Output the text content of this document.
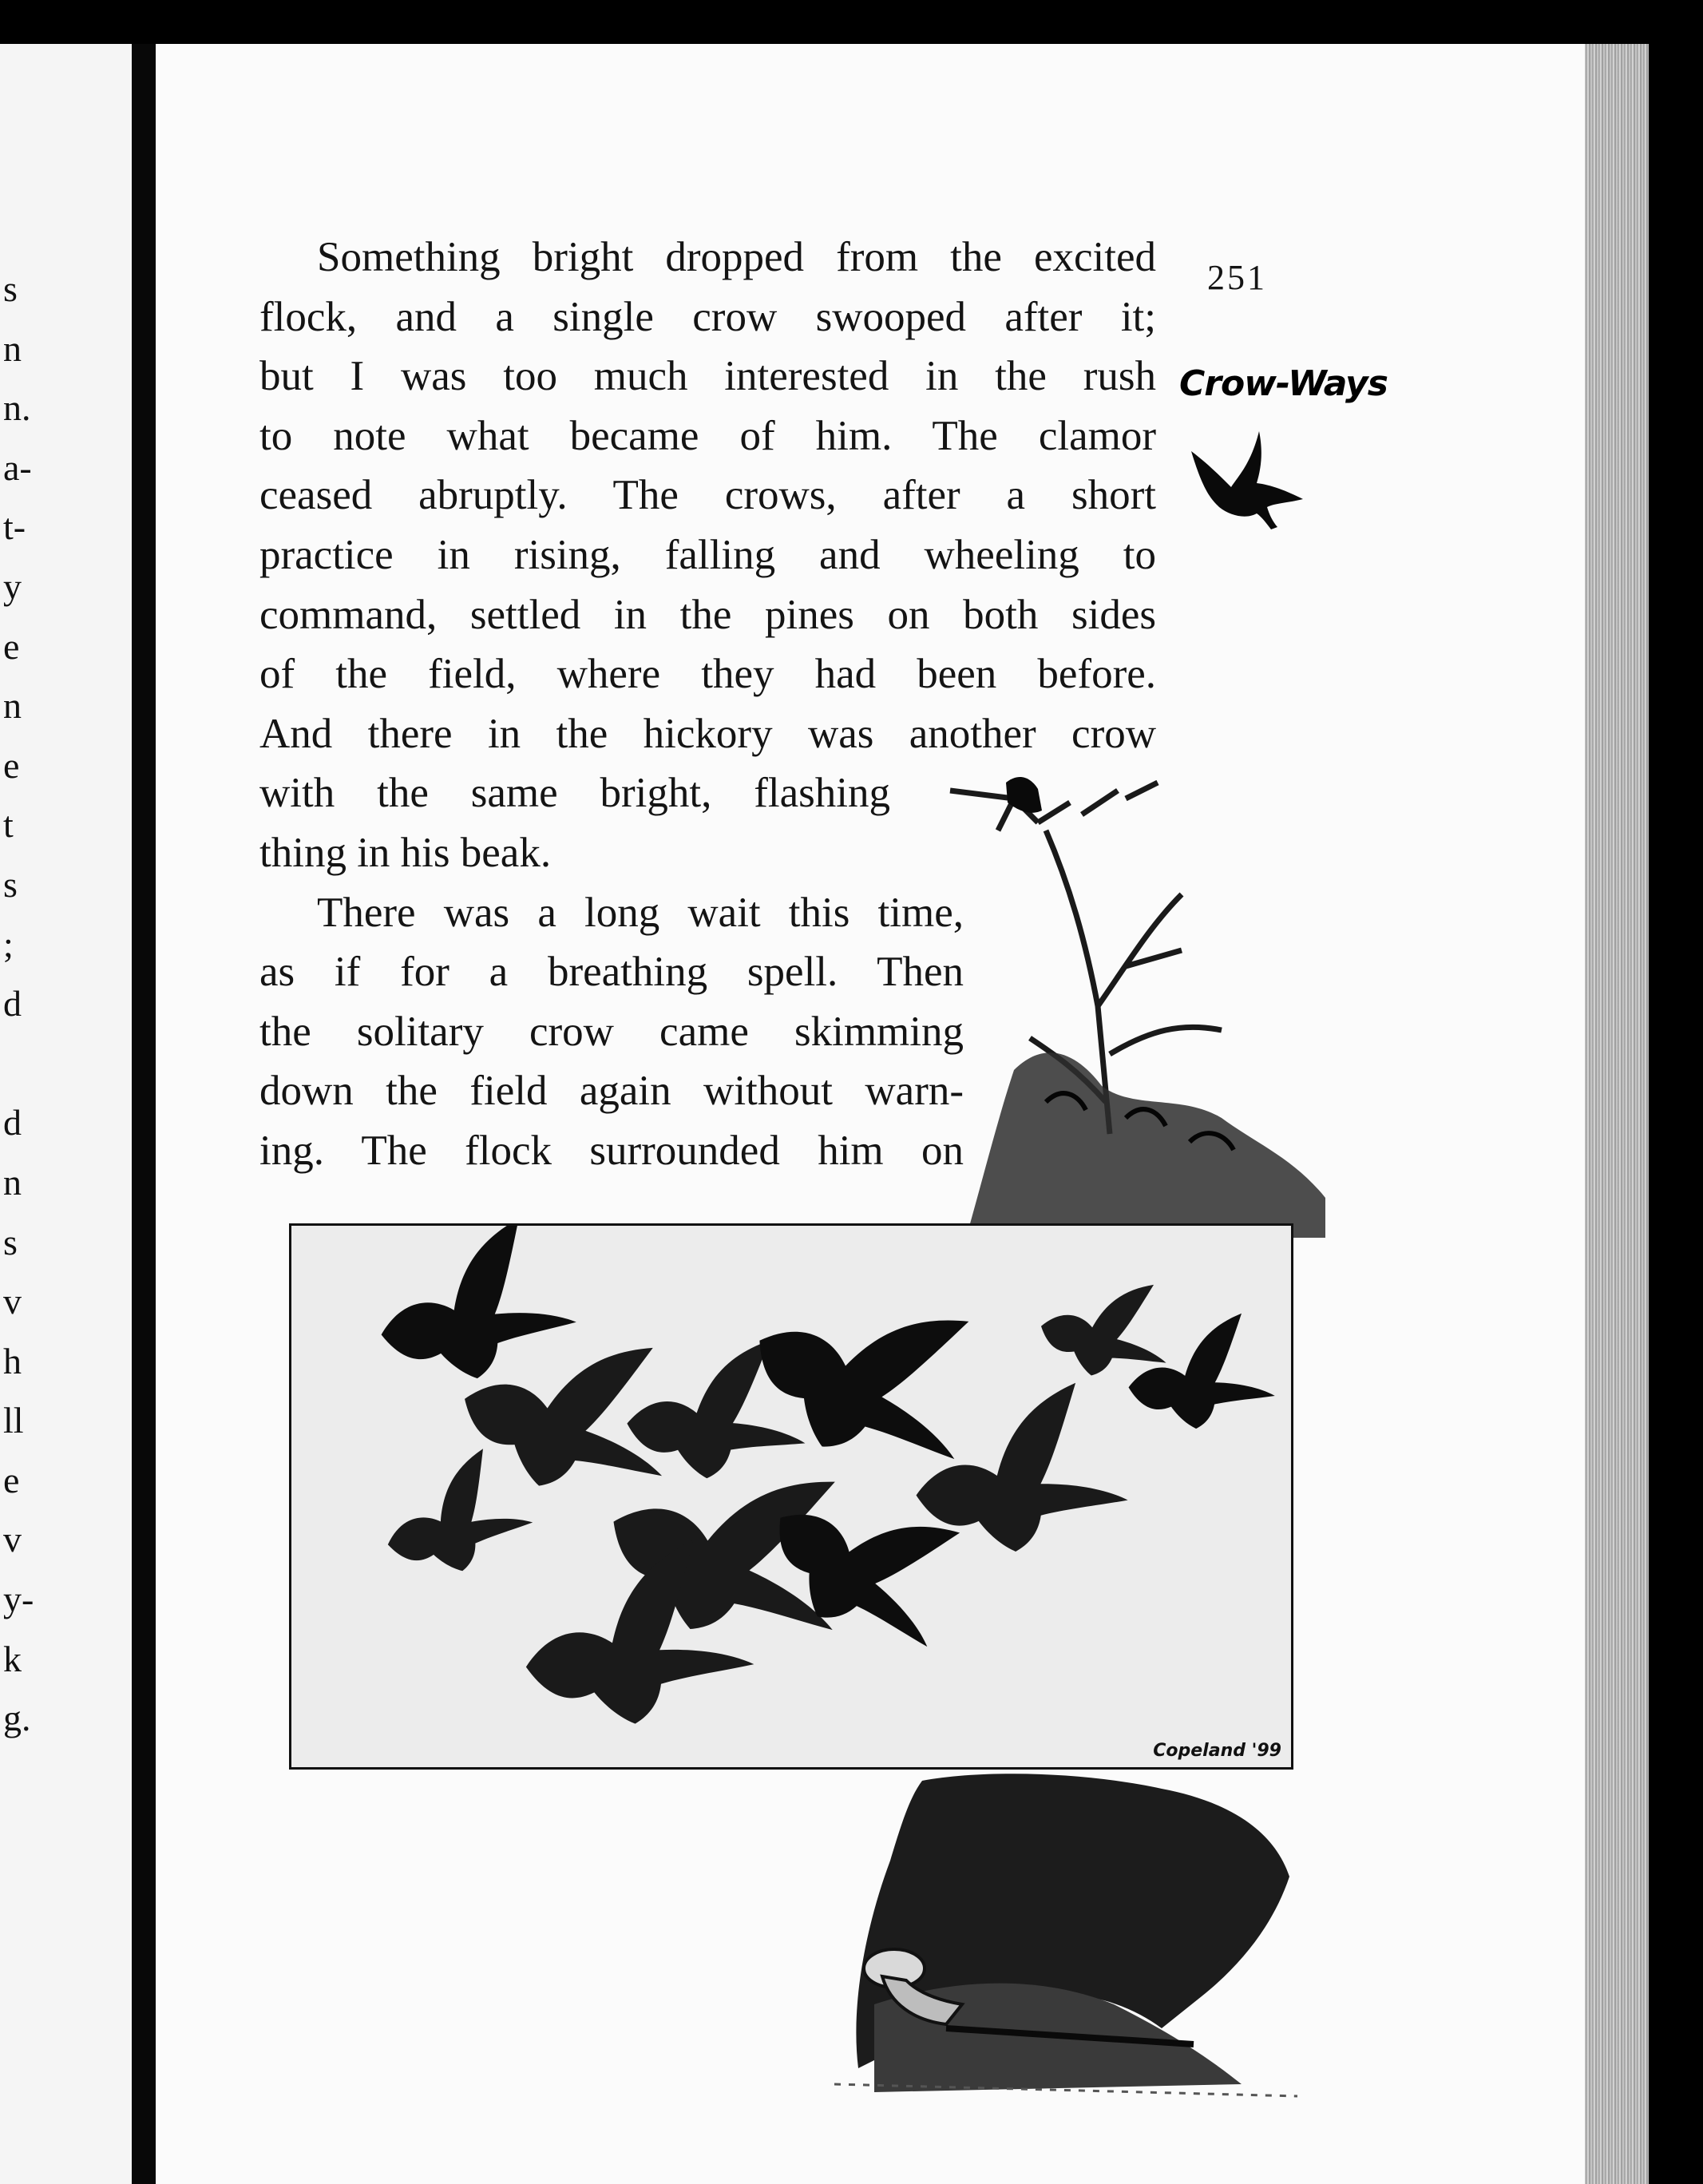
s
n
n.
a-
t-
y
e
n
e
t
s
;
d
d
n
s
v
h
ll
e
v
y-
k
g.
Something bright dropped from the excited
flock, and a single crow swooped after it;
but I was too much interested in the rush
to note what became of him. The clamor
ceased abruptly. The crows, after a short
practice in rising, falling and wheeling to
command, settled in the pines on both sides
of the field, where they had been before.
And there in the hickory was another crow
with the same bright, flashing
thing in his beak.
There was a long wait this time,
as if for a breathing spell. Then
the solitary crow came skimming
down the field again without warn-
ing. The flock surrounded him on
251
Crow-Ways
Copeland '99
